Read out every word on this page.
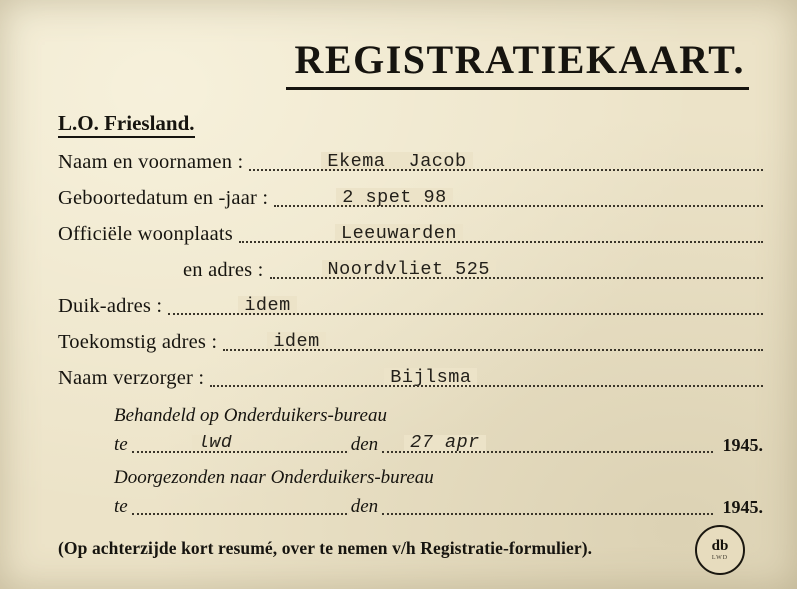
REGISTRATIEKAART.
L.O. Friesland.
Naam en voornamen :	Ekema  Jacob
Geboortedatum en -jaar :	2 spet 98
Officiële woonplaats	Leeuwarden
en adres :	Noordvliet 525
Duik-adres :	idem
Toekomstig adres :	idem
Naam verzorger :	Bijlsma
Behandeld op Onderduikers-bureau
te	lwd	den	27 apr	1945.
Doorgezonden naar Onderduikers-bureau
te	den	1945.
(Op achterzijde kort resumé, over te nemen v/h Registratie-formulier).	db
LWD
